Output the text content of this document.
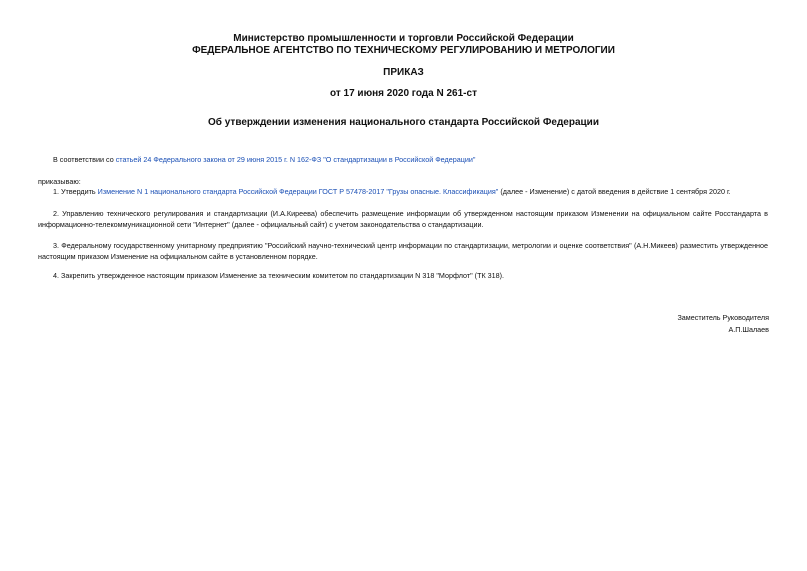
Министерство промышленности и торговли Российской Федерации
ФЕДЕРАЛЬНОЕ АГЕНТСТВО ПО ТЕХНИЧЕСКОМУ РЕГУЛИРОВАНИЮ И МЕТРОЛОГИИ
ПРИКАЗ
от 17 июня 2020 года N 261-ст
Об утверждении изменения национального стандарта Российской Федерации
В соответствии со статьей 24 Федерального закона от 29 июня 2015 г. N 162-ФЗ "О стандартизации в Российской Федерации"
приказываю:
1. Утвердить Изменение N 1 национального стандарта Российской Федерации ГОСТ Р 57478-2017 "Грузы опасные. Классификация" (далее - Изменение) с датой введения в действие 1 сентября 2020 г.
2. Управлению технического регулирования и стандартизации (И.А.Киреева) обеспечить размещение информации об утвержденном настоящим приказом Изменении на официальном сайте Росстандарта в информационно-телекоммуникационной сети "Интернет" (далее - официальный сайт) с учетом законодательства о стандартизации.
3. Федеральному государственному унитарному предприятию "Российский научно-технический центр информации по стандартизации, метрологии и оценке соответствия" (А.Н.Микеев) разместить утвержденное настоящим приказом Изменение на официальном сайте в установленном порядке.
4. Закрепить утвержденное настоящим приказом Изменение за техническим комитетом по стандартизации N 318 "Морфлот" (ТК 318).
Заместитель Руководителя
А.П.Шалаев
